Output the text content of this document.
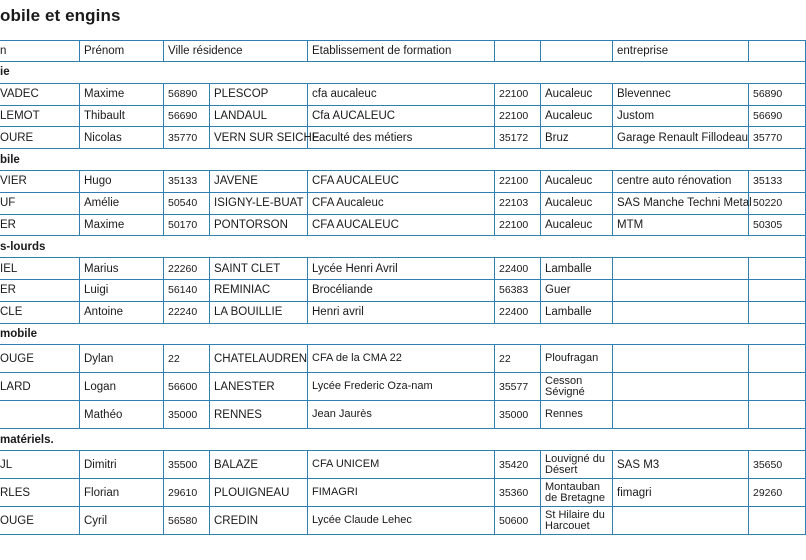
obile et engins
n	Prénom	Ville résidence		Etablissement de formation			entreprise	
ie								
VADEC	Maxime	56890	PLESCOP	cfa aucaleuc	22100	Aucaleuc	Blevennec	56890
LEMOT	Thibault	56690	LANDAUL	Cfa AUCALEUC	22100	Aucaleuc	Justom	56690
OURE	Nicolas	35770	VERN SUR SEICHE	Faculté des métiers	35172	Bruz	Garage Renault Fillodeau	35770
bile								
VIER	Hugo	35133	JAVENE	CFA AUCALEUC	22100	Aucaleuc	centre auto rénovation	35133
UF	Amélie	50540	ISIGNY-LE-BUAT	CFA Aucaleuc	22103	Aucaleuc	SAS Manche Techni Metal	50220
ER	Maxime	50170	PONTORSON	CFA AUCALEUC	22100	Aucaleuc	MTM	50305
s-lourds								
IEL	Marius	22260	SAINT CLET	Lycée Henri Avril	22400	Lamballe		
ER	Luigi	56140	REMINIAC	Brocéliande	56383	Guer		
CLE	Antoine	22240	LA BOUILLIE	Henri avril	22400	Lamballe		
mobile								
OUGE	Dylan	22	CHATELAUDREN	CFA de la CMA 22	22	Ploufragan		
LARD	Logan	56600	LANESTER	Lycée Frederic Oza-nam	35577	Cesson Sévigné		
	Mathéo	35000	RENNES	Jean Jaurès	35000	Rennes		
matériels.								
JL	Dimitri	35500	BALAZE	CFA UNICEM	35420	Louvigné du Désert	SAS M3	35650
RLES	Florian	29610	PLOUIGNEAU	FIMAGRI	35360	Montauban de Bretagne	fimagri	29260
OUGE	Cyril	56580	CREDIN	Lycée Claude Lehec	50600	St Hilaire du Harcouet		
